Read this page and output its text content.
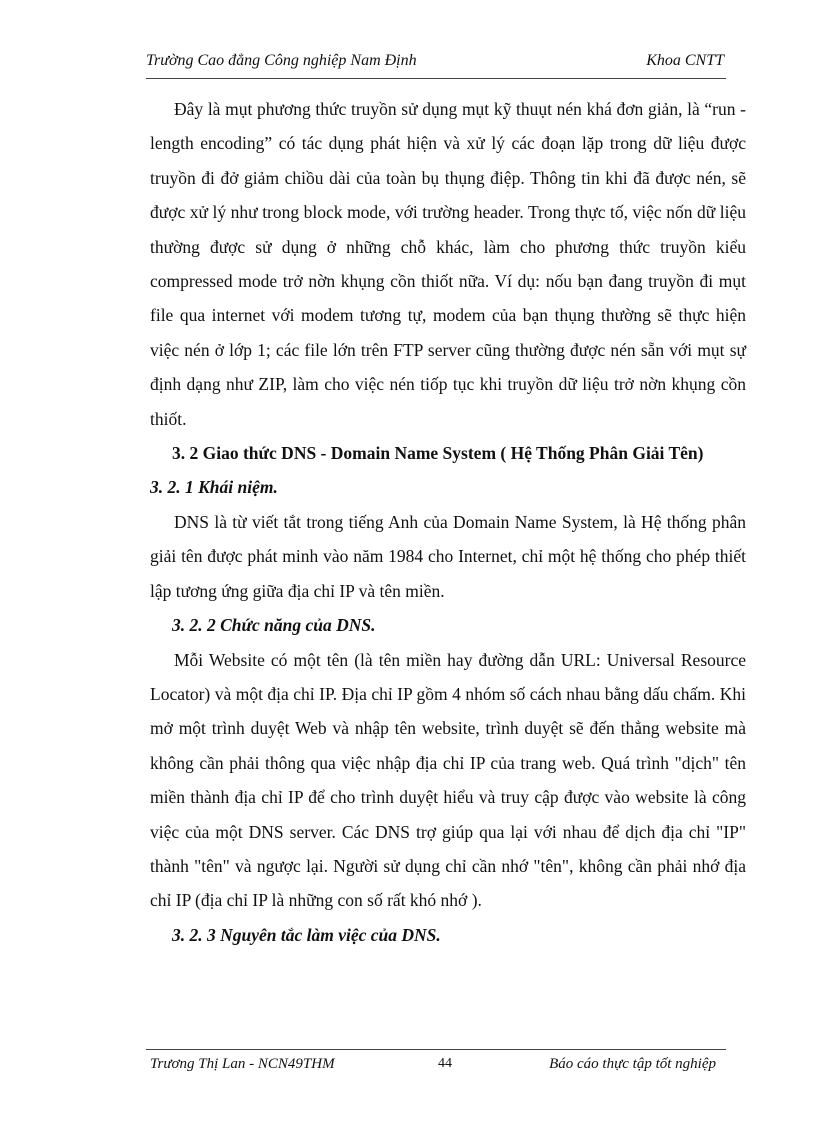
Trường Cao đẳng Công nghiệp Nam Định	Khoa CNTT

Đây là mụt phương thức truyồn sử dụng mụt kỹ thuụt nén khá đơn giản, là “run - length encoding” có tác dụng phát hiện và xử lý các đoạn lặp trong dữ liệu được truyồn đi đở giảm chiồu dài của toàn bụ thụng điệp. Thông tin khi đã được nén, sẽ được xử lý như trong block mode, với trường header. Trong thực tố, việc nốn dữ liệu thường được sử dụng ở những chỗ khác, làm cho phương thức truyồn kiểu compressed mode trở nờn khụng cồn thiốt nữa. Ví dụ: nốu bạn đang truyồn đi mụt file qua internet với modem tương tự, modem của bạn thụng thường sẽ thực hiện việc nén ở lớp 1; các file lớn trên FTP server cũng thường được nén sẵn với mụt sự định dạng như ZIP, làm cho việc nén tiốp tục khi truyồn dữ liệu trở nờn khụng cồn thiốt.

3. 2 Giao thức DNS - Domain Name System ( Hệ Thống Phân Giải Tên)
3. 2. 1 Khái niệm.

DNS là từ viết tắt trong tiếng Anh của Domain Name System, là Hệ thống phân giải tên được phát minh vào năm 1984 cho Internet, chỉ một hệ thống cho phép thiết lập tương ứng giữa địa chỉ IP và tên miền.

3. 2. 2 Chức năng của DNS.

Mỗi Website có một tên (là tên miền hay đường dẫn URL: Universal Resource Locator) và một địa chỉ IP. Địa chỉ IP gồm 4 nhóm số cách nhau bằng dấu chấm. Khi mở một trình duyệt Web và nhập tên website, trình duyệt sẽ đến thẳng website mà không cần phải thông qua việc nhập địa chỉ IP của trang web. Quá trình "dịch" tên miền thành địa chỉ IP để cho trình duyệt hiểu và truy cập được vào website là công việc của một DNS server. Các DNS trợ giúp qua lại với nhau để dịch địa chỉ "IP" thành "tên" và ngược lại. Người sử dụng chỉ cần nhớ "tên", không cần phải nhớ địa chỉ IP (địa chỉ IP là những con số rất khó nhớ ).

3. 2. 3 Nguyên tắc làm việc của DNS.
Trương Thị Lan - NCN49THM	44	Báo cáo thực tập tốt nghiệp
